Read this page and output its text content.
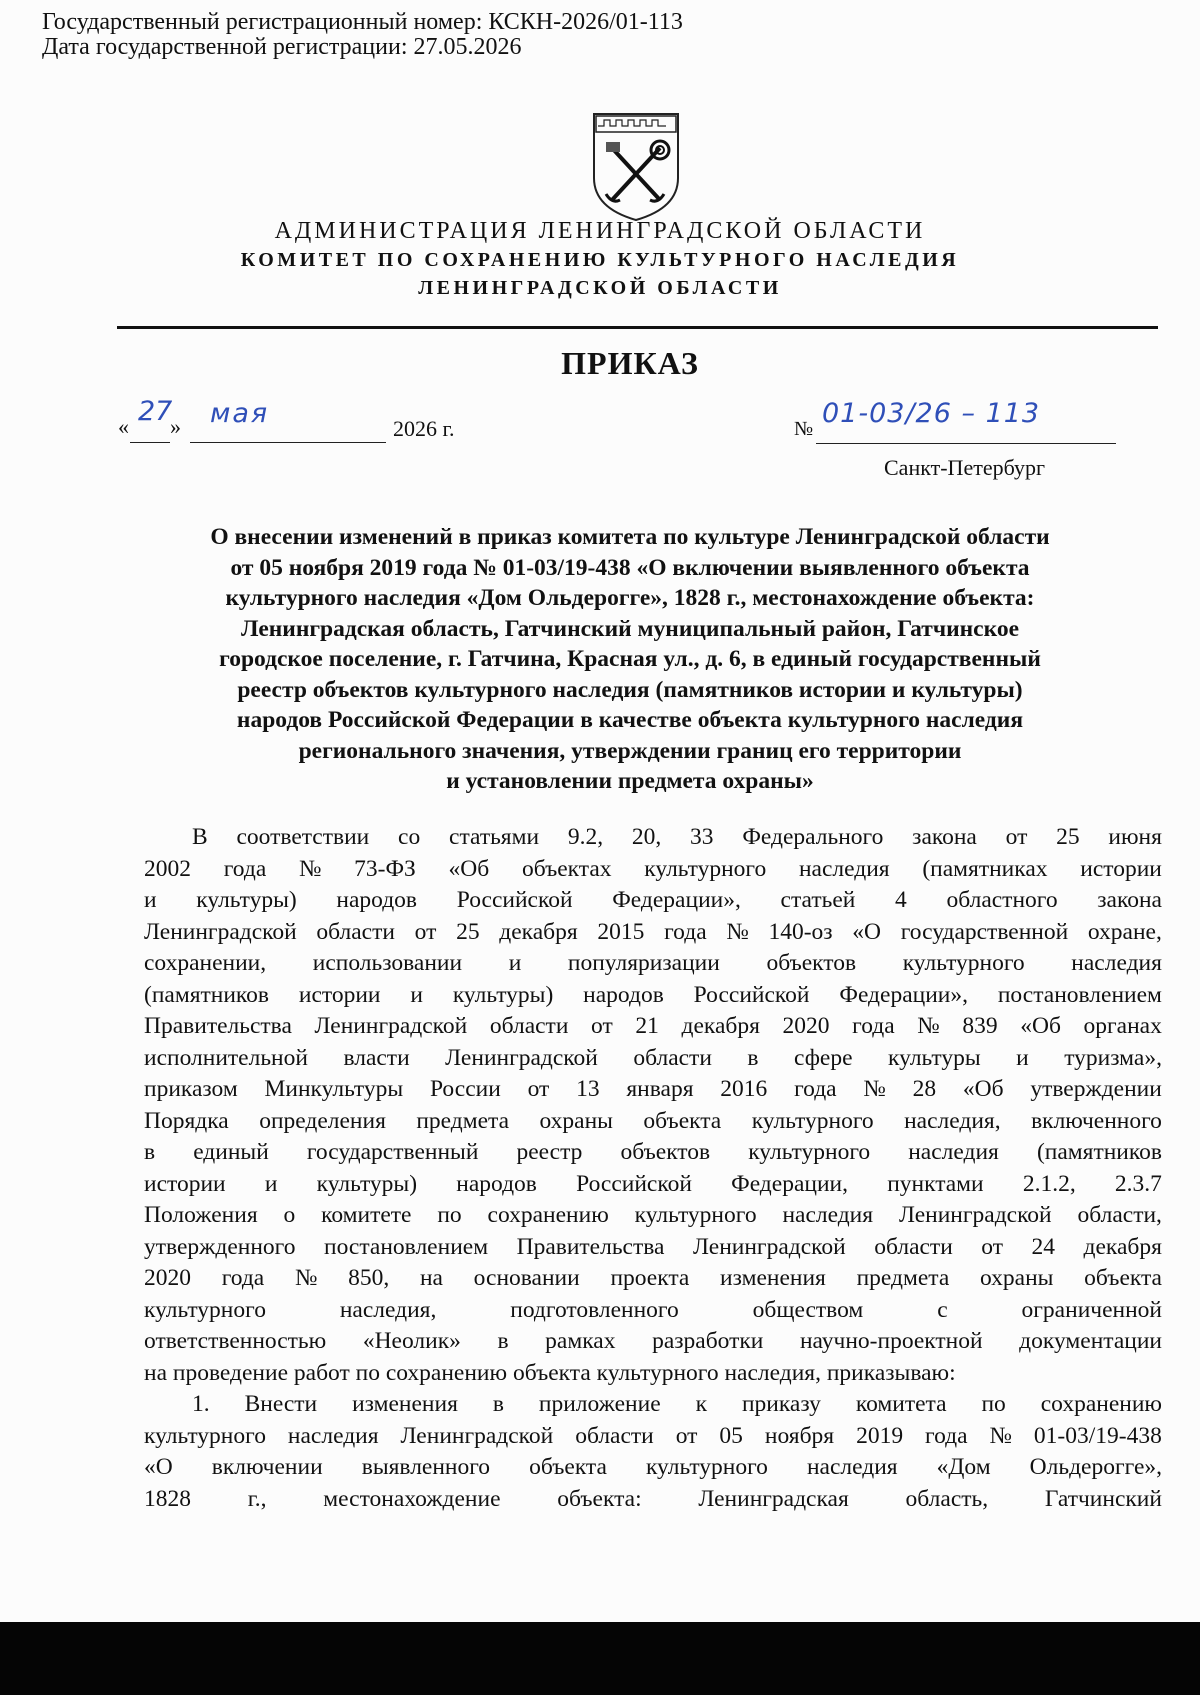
Государственный регистрационный номер: КСКН-2026/01-113
Дата государственной регистрации: 27.05.2026
АДМИНИСТРАЦИЯ ЛЕНИНГРАДСКОЙ ОБЛАСТИ
КОМИТЕТ ПО СОХРАНЕНИЮ КУЛЬТУРНОГО НАСЛЕДИЯ
ЛЕНИНГРАДСКОЙ ОБЛАСТИ
ПРИКАЗ
« 27
» мая	2026 г.	№ 01-03/26 – 113
Санкт-Петербург
О внесении изменений в приказ комитета по культуре Ленинградской области
от 05 ноября 2019 года № 01-03/19-438 «О включении выявленного объекта
культурного наследия «Дом Ольдерогге», 1828 г., местонахождение объекта:
Ленинградская область, Гатчинский муниципальный район, Гатчинское
городское поселение, г. Гатчина, Красная ул., д. 6, в единый государственный
реестр объектов культурного наследия (памятников истории и культуры)
народов Российской Федерации в качестве объекта культурного наследия
регионального значения, утверждении границ его территории
и установлении предмета охраны»
В соответствии со статьями 9.2, 20, 33 Федерального закона от 25 июня
2002 года № 73-ФЗ «Об объектах культурного наследия (памятниках истории
и культуры) народов Российской Федерации», статьей 4 областного закона
Ленинградской области от 25 декабря 2015 года № 140-оз «О государственной охране,
сохранении, использовании и популяризации объектов культурного наследия
(памятников истории и культуры) народов Российской Федерации», постановлением
Правительства Ленинградской области от 21 декабря 2020 года № 839 «Об органах
исполнительной власти Ленинградской области в сфере культуры и туризма»,
приказом Минкультуры России от 13 января 2016 года № 28 «Об утверждении
Порядка определения предмета охраны объекта культурного наследия, включенного
в единый государственный реестр объектов культурного наследия (памятников
истории и культуры) народов Российской Федерации, пунктами 2.1.2, 2.3.7
Положения о комитете по сохранению культурного наследия Ленинградской области,
утвержденного постановлением Правительства Ленинградской области от 24 декабря
2020 года № 850, на основании проекта изменения предмета охраны объекта
культурного	наследия,	подготовленного	обществом	с	ограниченной
ответственностью «Неолик» в рамках разработки научно-проектной документации
на проведение работ по сохранению объекта культурного наследия, приказываю:
1. Внести изменения в приложение к приказу комитета по сохранению
культурного наследия Ленинградской области от 05 ноября 2019 года № 01-03/19-438
«О включении выявленного объекта культурного наследия «Дом Ольдерогге»,
1828 г., местонахождение объекта: Ленинградская область, Гатчинский
